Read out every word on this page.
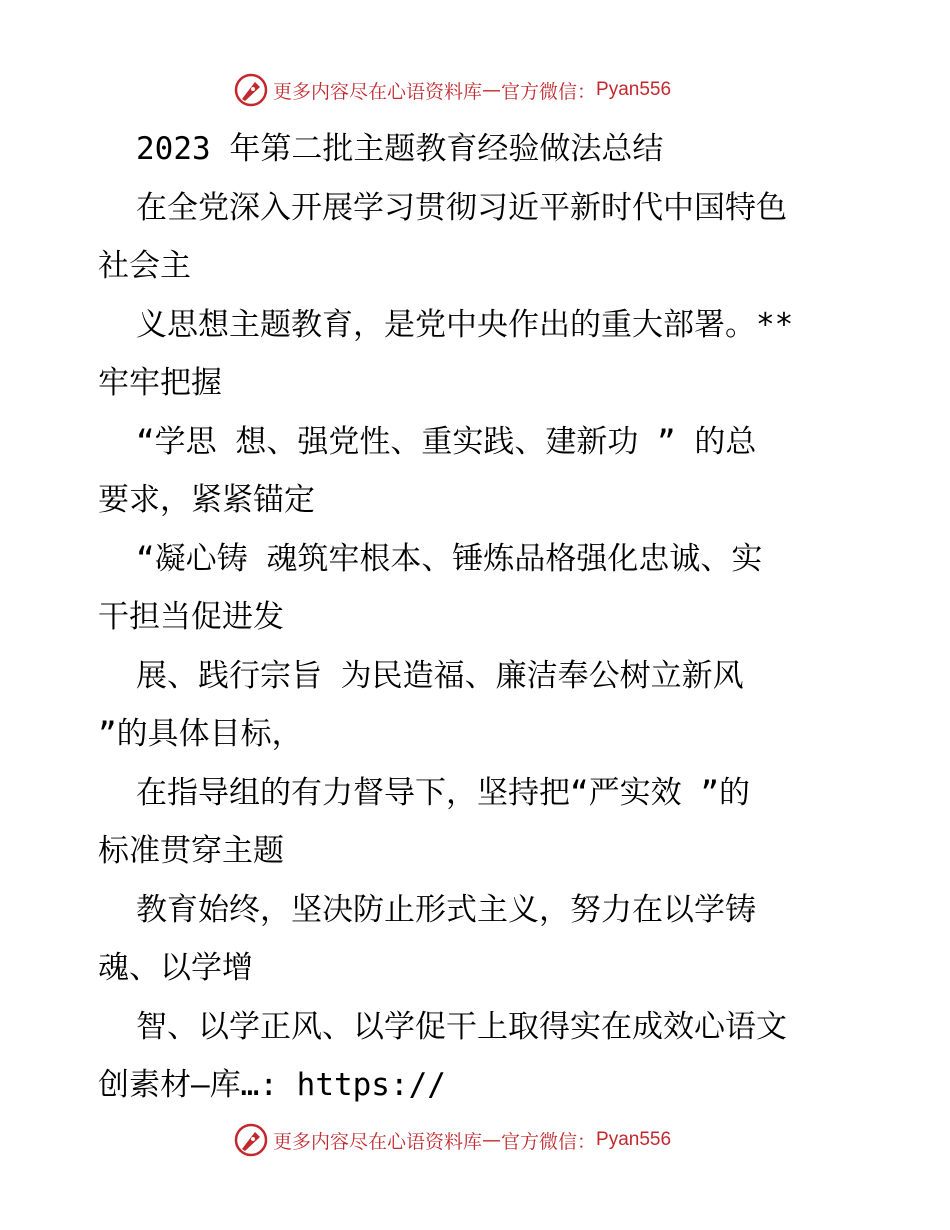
更多内容尽在心语资料库 — 官方微信： Pyan556
2023 年第二批主题教育经验做法总结
在全党深入开展学习贯彻习近平新时代中国特色
社会主
义思想主题教育，是党中央作出的重大部署。**
牢牢把握
“学思 想、强党性、重实践、建新功 ” 的总
要求，紧紧锚定
“凝心铸 魂筑牢根本、锤炼品格强化忠诚、实
干担当促进发
展、践行宗旨 为民造福、廉洁奉公树立新风
”的具体目标，
在指导组的有力督导下，坚持把“严实效 ”的
标准贯穿主题
教育始终，坚决防止形式主义，努力在以学铸
魂、以学增
智、以学正风、以学促干上取得实在成效心语文
创素材—库…: https://
更多内容尽在心语资料库 — 官方微信： Pyan556
